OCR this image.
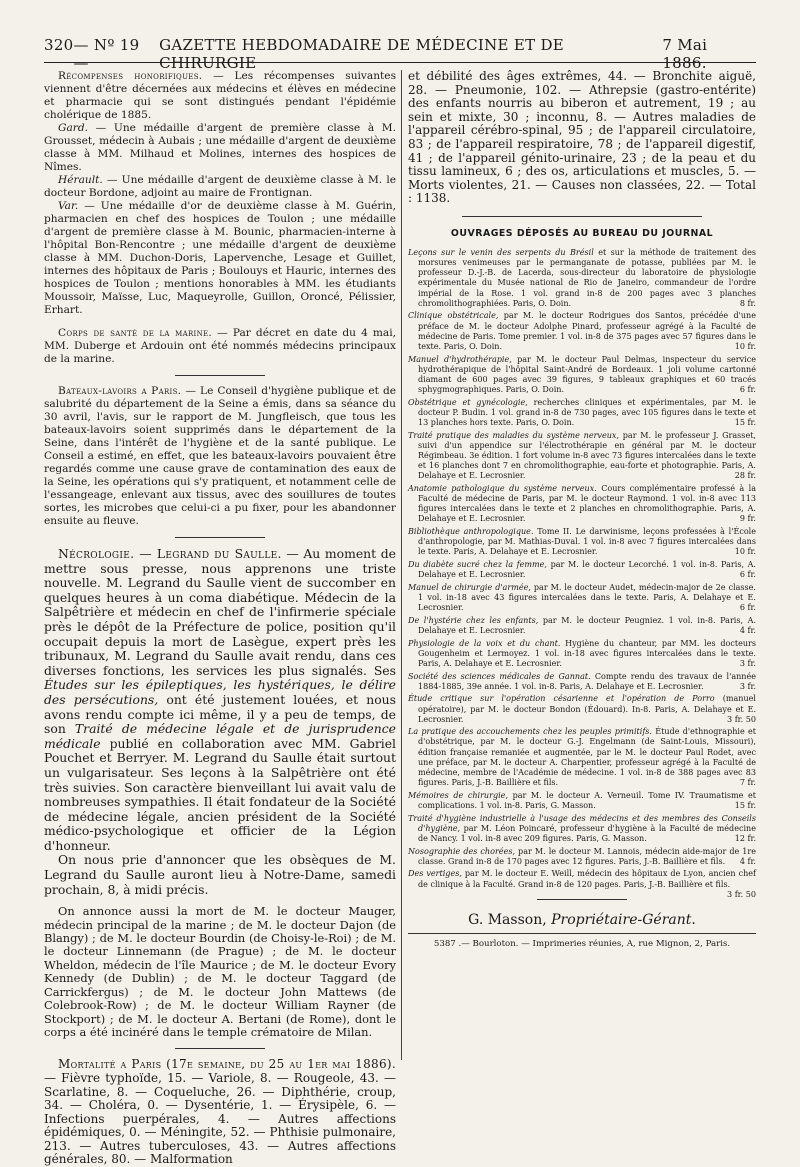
320 — Nº 19 —
GAZETTE HEBDOMADAIRE DE MÉDECINE ET DE CHIRURGIE
7 Mai 1886.

Récompenses honorifiques. — Les récompenses suivantes viennent d'être décernées aux médecins et élèves en médecine et pharmacie qui se sont distingués pendant l'épidémie cholérique de 1885.

Gard. — Une médaille d'argent de première classe à M. Grousset, médecin à Aubais ; une médaille d'argent de deuxième classe à MM. Milhaud et Molines, internes des hospices de Nîmes.

Hérault. — Une médaille d'argent de deuxième classe à M. le docteur Bordone, adjoint au maire de Frontignan.

Var. — Une médaille d'or de deuxième classe à M. Guérin, pharmacien en chef des hospices de Toulon ; une médaille d'argent de première classe à M. Bounic, pharmacien-interne à l'hôpital Bon-Rencontre ; une médaille d'argent de deuxième classe à MM. Duchon-Doris, Lapervenche, Lesage et Guillet, internes des hôpitaux de Paris ; Boulouys et Hauric, internes des hospices de Toulon ; mentions honorables à MM. les étudiants Moussoir, Maïsse, Luc, Maqueyrolle, Guillon, Oroncé, Pélissier, Erhart.

Corps de santé de la marine. — Par décret en date du 4 mai, MM. Duberge et Ardouin ont été nommés médecins principaux de la marine.

Bateaux-lavoirs a Paris. — Le Conseil d'hygiène publique et de salubrité du département de la Seine a émis, dans sa séance du 30 avril, l'avis, sur le rapport de M. Jungfleisch, que tous les bateaux-lavoirs soient supprimés dans le département de la Seine, dans l'intérêt de l'hygiène et de la santé publique. Le Conseil a estimé, en effet, que les bateaux-lavoirs pouvaient être regardés comme une cause grave de contamination des eaux de la Seine, les opérations qui s'y pratiquent, et notamment celle de l'essangeage, enlevant aux tissus, avec des souillures de toutes sortes, les microbes que celui-ci a pu fixer, pour les abandonner ensuite au fleuve.

Nécrologie. — Legrand du Saulle. — Au moment de mettre sous presse, nous apprenons une triste nouvelle. M. Legrand du Saulle vient de succomber en quelques heures à un coma diabétique. Médecin de la Salpêtrière et médecin en chef de l'infirmerie spéciale près le dépôt de la Préfecture de police, position qu'il occupait depuis la mort de Lasègue, expert près les tribunaux, M. Legrand du Saulle avait rendu, dans ces diverses fonctions, les services les plus signalés. Ses Études sur les épileptiques, les hystériques, le délire des persécutions, ont été justement louées, et nous avons rendu compte ici même, il y a peu de temps, de son Traité de médecine légale et de jurisprudence médicale publié en collaboration avec MM. Gabriel Pouchet et Berryer. M. Legrand du Saulle était surtout un vulgarisateur. Ses leçons à la Salpêtrière ont été très suivies. Son caractère bienveillant lui avait valu de nombreuses sympathies. Il était fondateur de la Société de médecine légale, ancien président de la Société médico-psychologique et officier de la Légion d'honneur.

On nous prie d'annoncer que les obsèques de M. Legrand du Saulle auront lieu à Notre-Dame, samedi prochain, 8, à midi précis.

On annonce aussi la mort de M. le docteur Mauger, médecin principal de la marine ; de M. le docteur Dajon (de Blangy) ; de M. le docteur Bourdin (de Choisy-le-Roi) ; de M. le docteur Linnemann (de Prague) ; de M. le docteur Wheldon, médecin de l'île Maurice ; de M. le docteur Evory Kennedy (de Dublin) ; de M. le docteur Taggard (de Carrickfergus) ; de M. le docteur John Mattews (de Colebrook-Row) ; de M. le docteur William Rayner (de Stockport) ; de M. le docteur A. Bertani (de Rome), dont le corps a été incinéré dans le temple crématoire de Milan.

Mortalité a Paris (17e semaine, du 25 au 1er mai 1886). — Fièvre typhoïde, 15. — Variole, 8. — Rougeole, 43. — Scarlatine, 8. — Coqueluche, 26. — Diphthérie, croup, 34. — Choléra, 0. — Dysentérie, 1. — Érysipèle, 6. — Infections puerpérales, 4. — Autres affections épidémiques, 0. — Méningite, 52. — Phthisie pulmonaire, 213. — Autres tuberculoses, 43. — Autres affections générales, 80. — Malformation

et débilité des âges extrêmes, 44. — Bronchite aiguë, 28. — Pneumonie, 102. — Athrepsie (gastro-entérite) des enfants nourris au biberon et autrement, 19 ; au sein et mixte, 30 ; inconnu, 8. — Autres maladies de l'appareil cérébro-spinal, 95 ; de l'appareil circulatoire, 83 ; de l'appareil respiratoire, 78 ; de l'appareil digestif, 41 ; de l'appareil génito-urinaire, 23 ; de la peau et du tissu lamineux, 6 ; des os, articulations et muscles, 5. — Morts violentes, 21. — Causes non classées, 22. — Total : 1138.

OUVRAGES DÉPOSÉS AU BUREAU DU JOURNAL

Leçons sur le venin des serpents du Brésil et sur la méthode de traitement des morsures venimeuses par le permanganate de potasse, publiées par M. le professeur D.-J.-B. de Lacerda, sous-directeur du laboratoire de physiologie expérimentale du Musée national de Rio de Janeiro, commandeur de l'ordre impérial de la Rose. 1 vol. grand in-8 de 200 pages avec 3 planches chromolithographiées. Paris, O. Doin.	8 fr.

Clinique obstétricale, par M. le docteur Rodrigues dos Santos, précédée d'une préface de M. le docteur Adolphe Pinard, professeur agrégé à la Faculté de médecine de Paris. Tome premier. 1 vol. in-8 de 375 pages avec 57 figures dans le texte. Paris, O. Doin.	10 fr.

Manuel d'hydrothérapie, par M. le docteur Paul Delmas, inspecteur du service hydrothérapique de l'hôpital Saint-André de Bordeaux. 1 joli volume cartonné diamant de 600 pages avec 39 figures, 9 tableaux graphiques et 60 tracés sphygmographiques. Paris, O. Doin.	6 fr.

Obstétrique et gynécologie, recherches cliniques et expérimentales, par M. le docteur P. Budin. 1 vol. grand in-8 de 730 pages, avec 105 figures dans le texte et 13 planches hors texte. Paris, O. Doin.	15 fr.

Traité pratique des maladies du système nerveux, par M. le professeur J. Grasset, suivi d'un appendice sur l'électrothérapie en général par M. le docteur Régimbeau. 3e édition. 1 fort volume in-8 avec 73 figures intercalées dans le texte et 16 planches dont 7 en chromolithographie, eau-forte et photographie. Paris, A. Delahaye et E. Lecrosnier.	28 fr.

Anatomie pathologique du système nerveux. Cours complémentaire professé à la Faculté de médecine de Paris, par M. le docteur Raymond. 1 vol. in-8 avec 113 figures intercalées dans le texte et 2 planches en chromolithographie. Paris, A. Delahaye et E. Lecrosnier.	9 fr.

Bibliothèque anthropologique. Tome II. Le darwinisme, leçons professées à l'École d'anthropologie, par M. Mathias-Duval. 1 vol. in-8 avec 7 figures intercalées dans le texte. Paris, A. Delahaye et E. Lecrosnier.	10 fr.

Du diabète sucré chez la femme, par M. le docteur Lecorché. 1 vol. in-8. Paris, A. Delahaye et E. Lecrosnier.	6 fr.

Manuel de chirurgie d'armée, par M. le docteur Audet, médecin-major de 2e classe. 1 vol. in-18 avec 43 figures intercalées dans le texte. Paris, A. Delahaye et E. Lecrosnier.	6 fr.

De l'hystérie chez les enfants, par M. le docteur Peugniez. 1 vol. in-8. Paris, A. Delahaye et E. Lecrosnier.	4 fr.

Physiologie de la voix et du chant. Hygiène du chanteur, par MM. les docteurs Gougenheim et Lermoyez. 1 vol. in-18 avec figures intercalées dans le texte. Paris, A. Delahaye et E. Lecrosnier.	3 fr.

Société des sciences médicales de Gannat. Compte rendu des travaux de l'année 1884-1885, 39e année. 1 vol. in-8. Paris, A. Delahaye et E. Lecrosnier.	3 fr.

Étude critique sur l'opération césarienne et l'opération de Porro (manuel opératoire), par M. le docteur Bondon (Édouard). In-8. Paris, A. Delahaye et E. Lecrosnier.	3 fr. 50

La pratique des accouchements chez les peuples primitifs. Étude d'ethnographie et d'obstétrique, par M. le docteur G.-J. Engelmann (de Saint-Louis, Missouri), édition française remaniée et augmentée, par le M. le docteur Paul Rodet, avec une préface, par M. le docteur A. Charpentier, professeur agrégé à la Faculté de médecine, membre de l'Académie de médecine. 1 vol. in-8 de 388 pages avec 83 figures. Paris, J.-B. Baillière et fils.	7 fr.

Mémoires de chirurgie, par M. le docteur A. Verneuil. Tome IV. Traumatisme et complications. 1 vol. in-8. Paris, G. Masson.	15 fr.

Traité d'hygiène industrielle à l'usage des médecins et des membres des Conseils d'hygiène, par M. Léon Poincaré, professeur d'hygiène à la Faculté de médecine de Nancy. 1 vol. in-8 avec 209 figures. Paris, G. Masson.	12 fr.

Nosographie des chorées, par M. le docteur M. Lannois, médecin aide-major de 1re classe. Grand in-8 de 170 pages avec 12 figures. Paris, J.-B. Baillière et fils.	4 fr.

Des vertiges, par M. le docteur E. Weill, médecin des hôpitaux de Lyon, ancien chef de clinique à la Faculté. Grand in-8 de 120 pages. Paris, J.-B. Baillière et fils.
3 fr. 50

G. Masson, Propriétaire-Gérant.
5387 .— Bourloton. — Imprimeries réunies, A, rue Mignon, 2, Paris.
